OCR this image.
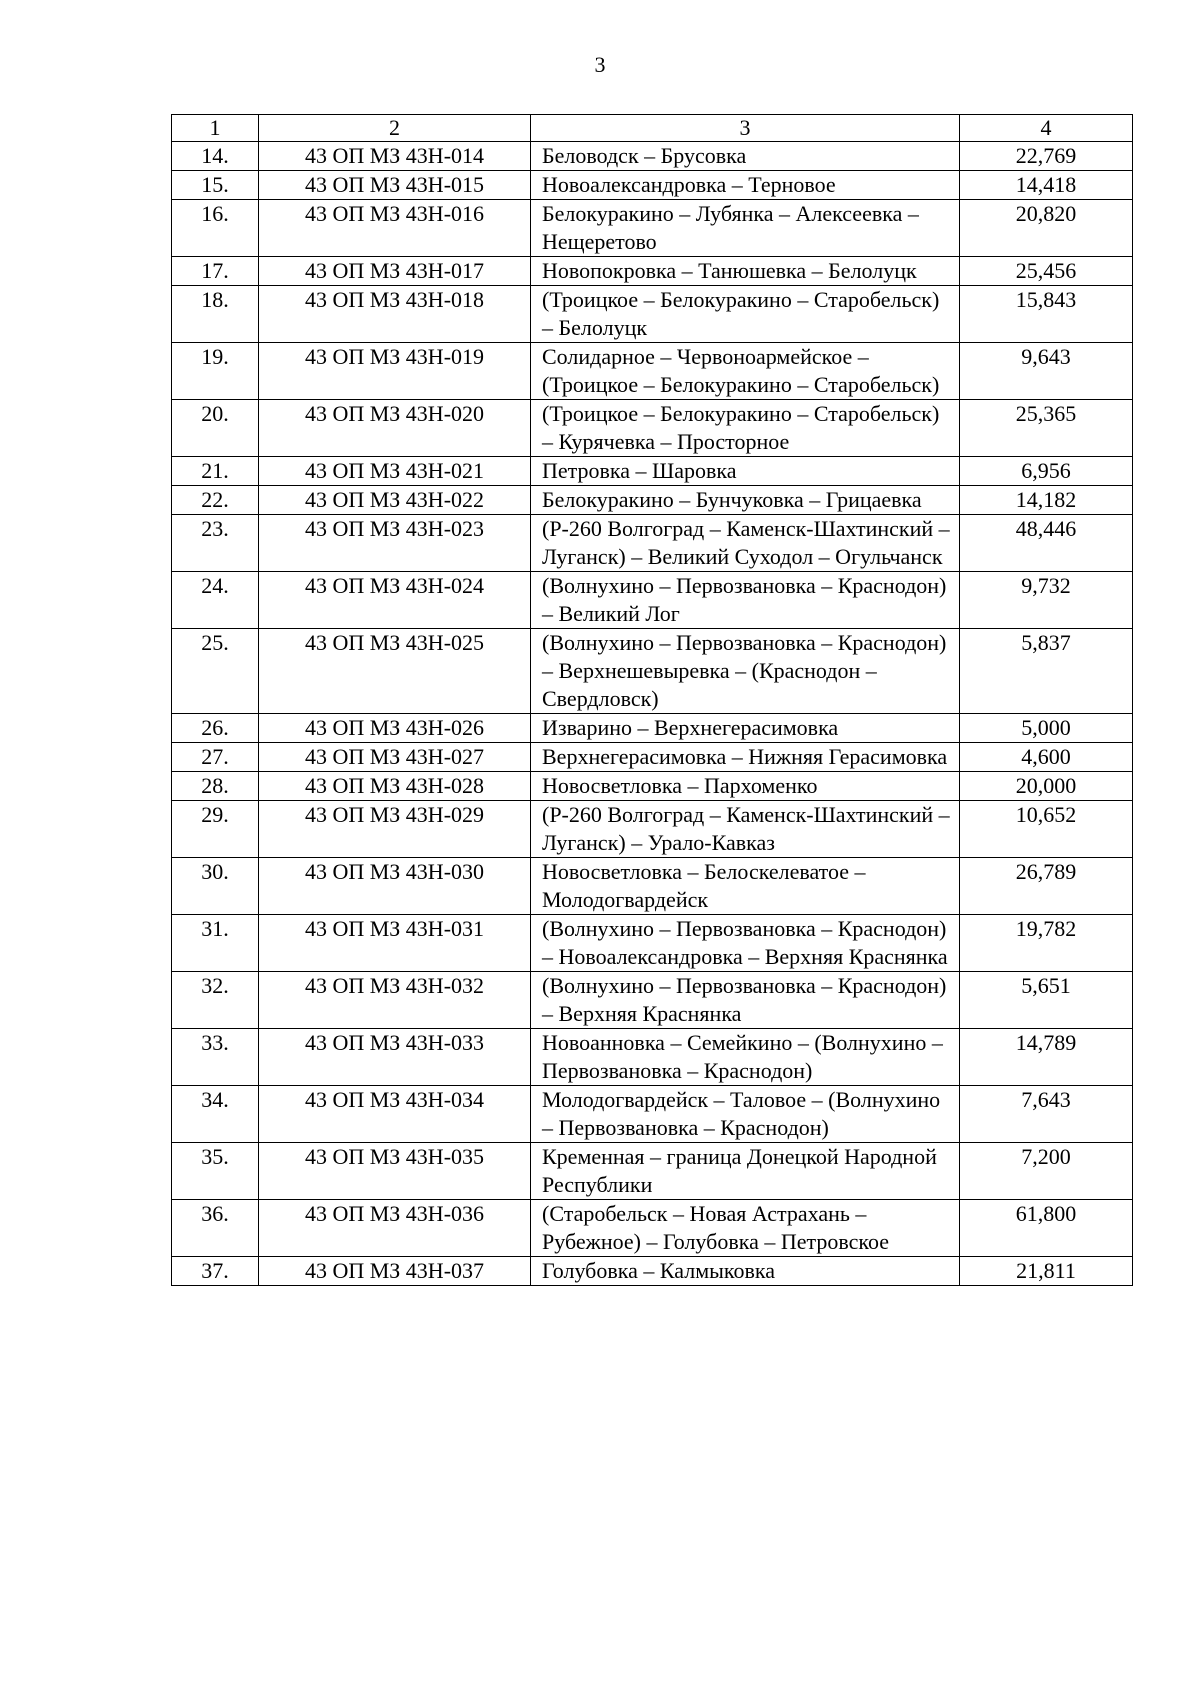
3
1	2	3	4
14.	43 ОП МЗ 43Н-014	Беловодск – Брусовка	22,769
15.	43 ОП МЗ 43Н-015	Новоалександровка – Терновое	14,418
16.	43 ОП МЗ 43Н-016	Белокуракино – Лубянка – Алексеевка – Нещеретово	20,820
17.	43 ОП МЗ 43Н-017	Новопокровка – Танюшевка – Белолуцк	25,456
18.	43 ОП МЗ 43Н-018	(Троицкое – Белокуракино – Старобельск) – Белолуцк	15,843
19.	43 ОП МЗ 43Н-019	Солидарное – Червоноармейское – (Троицкое – Белокуракино – Старобельск)	9,643
20.	43 ОП МЗ 43Н-020	(Троицкое – Белокуракино – Старобельск) – Курячевка – Просторное	25,365
21.	43 ОП МЗ 43Н-021	Петровка – Шаровка	6,956
22.	43 ОП МЗ 43Н-022	Белокуракино – Бунчуковка – Грицаевка	14,182
23.	43 ОП МЗ 43Н-023	(Р-260 Волгоград – Каменск-Шахтинский – Луганск) – Великий Суходол – Огульчанск	48,446
24.	43 ОП МЗ 43Н-024	(Волнухино – Первозвановка – Краснодон) – Великий Лог	9,732
25.	43 ОП МЗ 43Н-025	(Волнухино – Первозвановка – Краснодон) – Верхнешевыревка – (Краснодон – Свердловск)	5,837
26.	43 ОП МЗ 43Н-026	Изварино – Верхнегерасимовка	5,000
27.	43 ОП МЗ 43Н-027	Верхнегерасимовка – Нижняя Герасимовка	4,600
28.	43 ОП МЗ 43Н-028	Новосветловка – Пархоменко	20,000
29.	43 ОП МЗ 43Н-029	(Р-260 Волгоград – Каменск-Шахтинский – Луганск) – Урало-Кавказ	10,652
30.	43 ОП МЗ 43Н-030	Новосветловка – Белоскелеватое – Молодогвардейск	26,789
31.	43 ОП МЗ 43Н-031	(Волнухино – Первозвановка – Краснодон) – Новоалександровка – Верхняя Краснянка	19,782
32.	43 ОП МЗ 43Н-032	(Волнухино – Первозвановка – Краснодон) – Верхняя Краснянка	5,651
33.	43 ОП МЗ 43Н-033	Новоанновка – Семейкино – (Волнухино – Первозвановка – Краснодон)	14,789
34.	43 ОП МЗ 43Н-034	Молодогвардейск – Таловое – (Волнухино – Первозвановка – Краснодон)	7,643
35.	43 ОП МЗ 43Н-035	Кременная – граница Донецкой Народной Республики	7,200
36.	43 ОП МЗ 43Н-036	(Старобельск – Новая Астрахань – Рубежное) – Голубовка – Петровское	61,800
37.	43 ОП МЗ 43Н-037	Голубовка – Калмыковка	21,811
